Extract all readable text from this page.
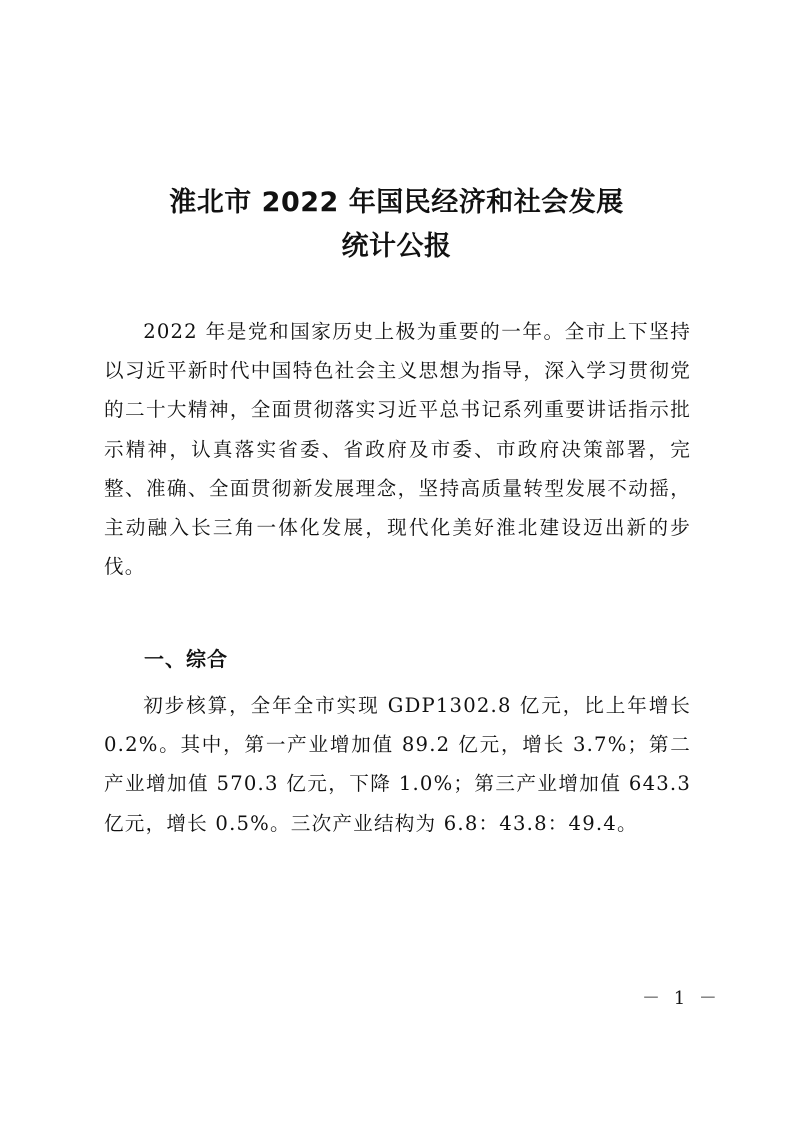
淮北市 2022 年国民经济和社会发展
统计公报

2022 年是党和国家历史上极为重要的一年。全市上下坚持以习近平新时代中国特色社会主义思想为指导，深入学习贯彻党的二十大精神，全面贯彻落实习近平总书记系列重要讲话指示批示精神，认真落实省委、省政府及市委、市政府决策部署，完整、准确、全面贯彻新发展理念，坚持高质量转型发展不动摇，主动融入长三角一体化发展，现代化美好淮北建设迈出新的步伐。

一、综合

初步核算，全年全市实现 GDP1302.8 亿元，比上年增长 0.2%。其中，第一产业增加值 89.2 亿元，增长 3.7%；第二产业增加值 570.3 亿元，下降 1.0%；第三产业增加值 643.3 亿元，增长 0.5%。三次产业结构为 6.8：43.8：49.4。

－ 1 －
